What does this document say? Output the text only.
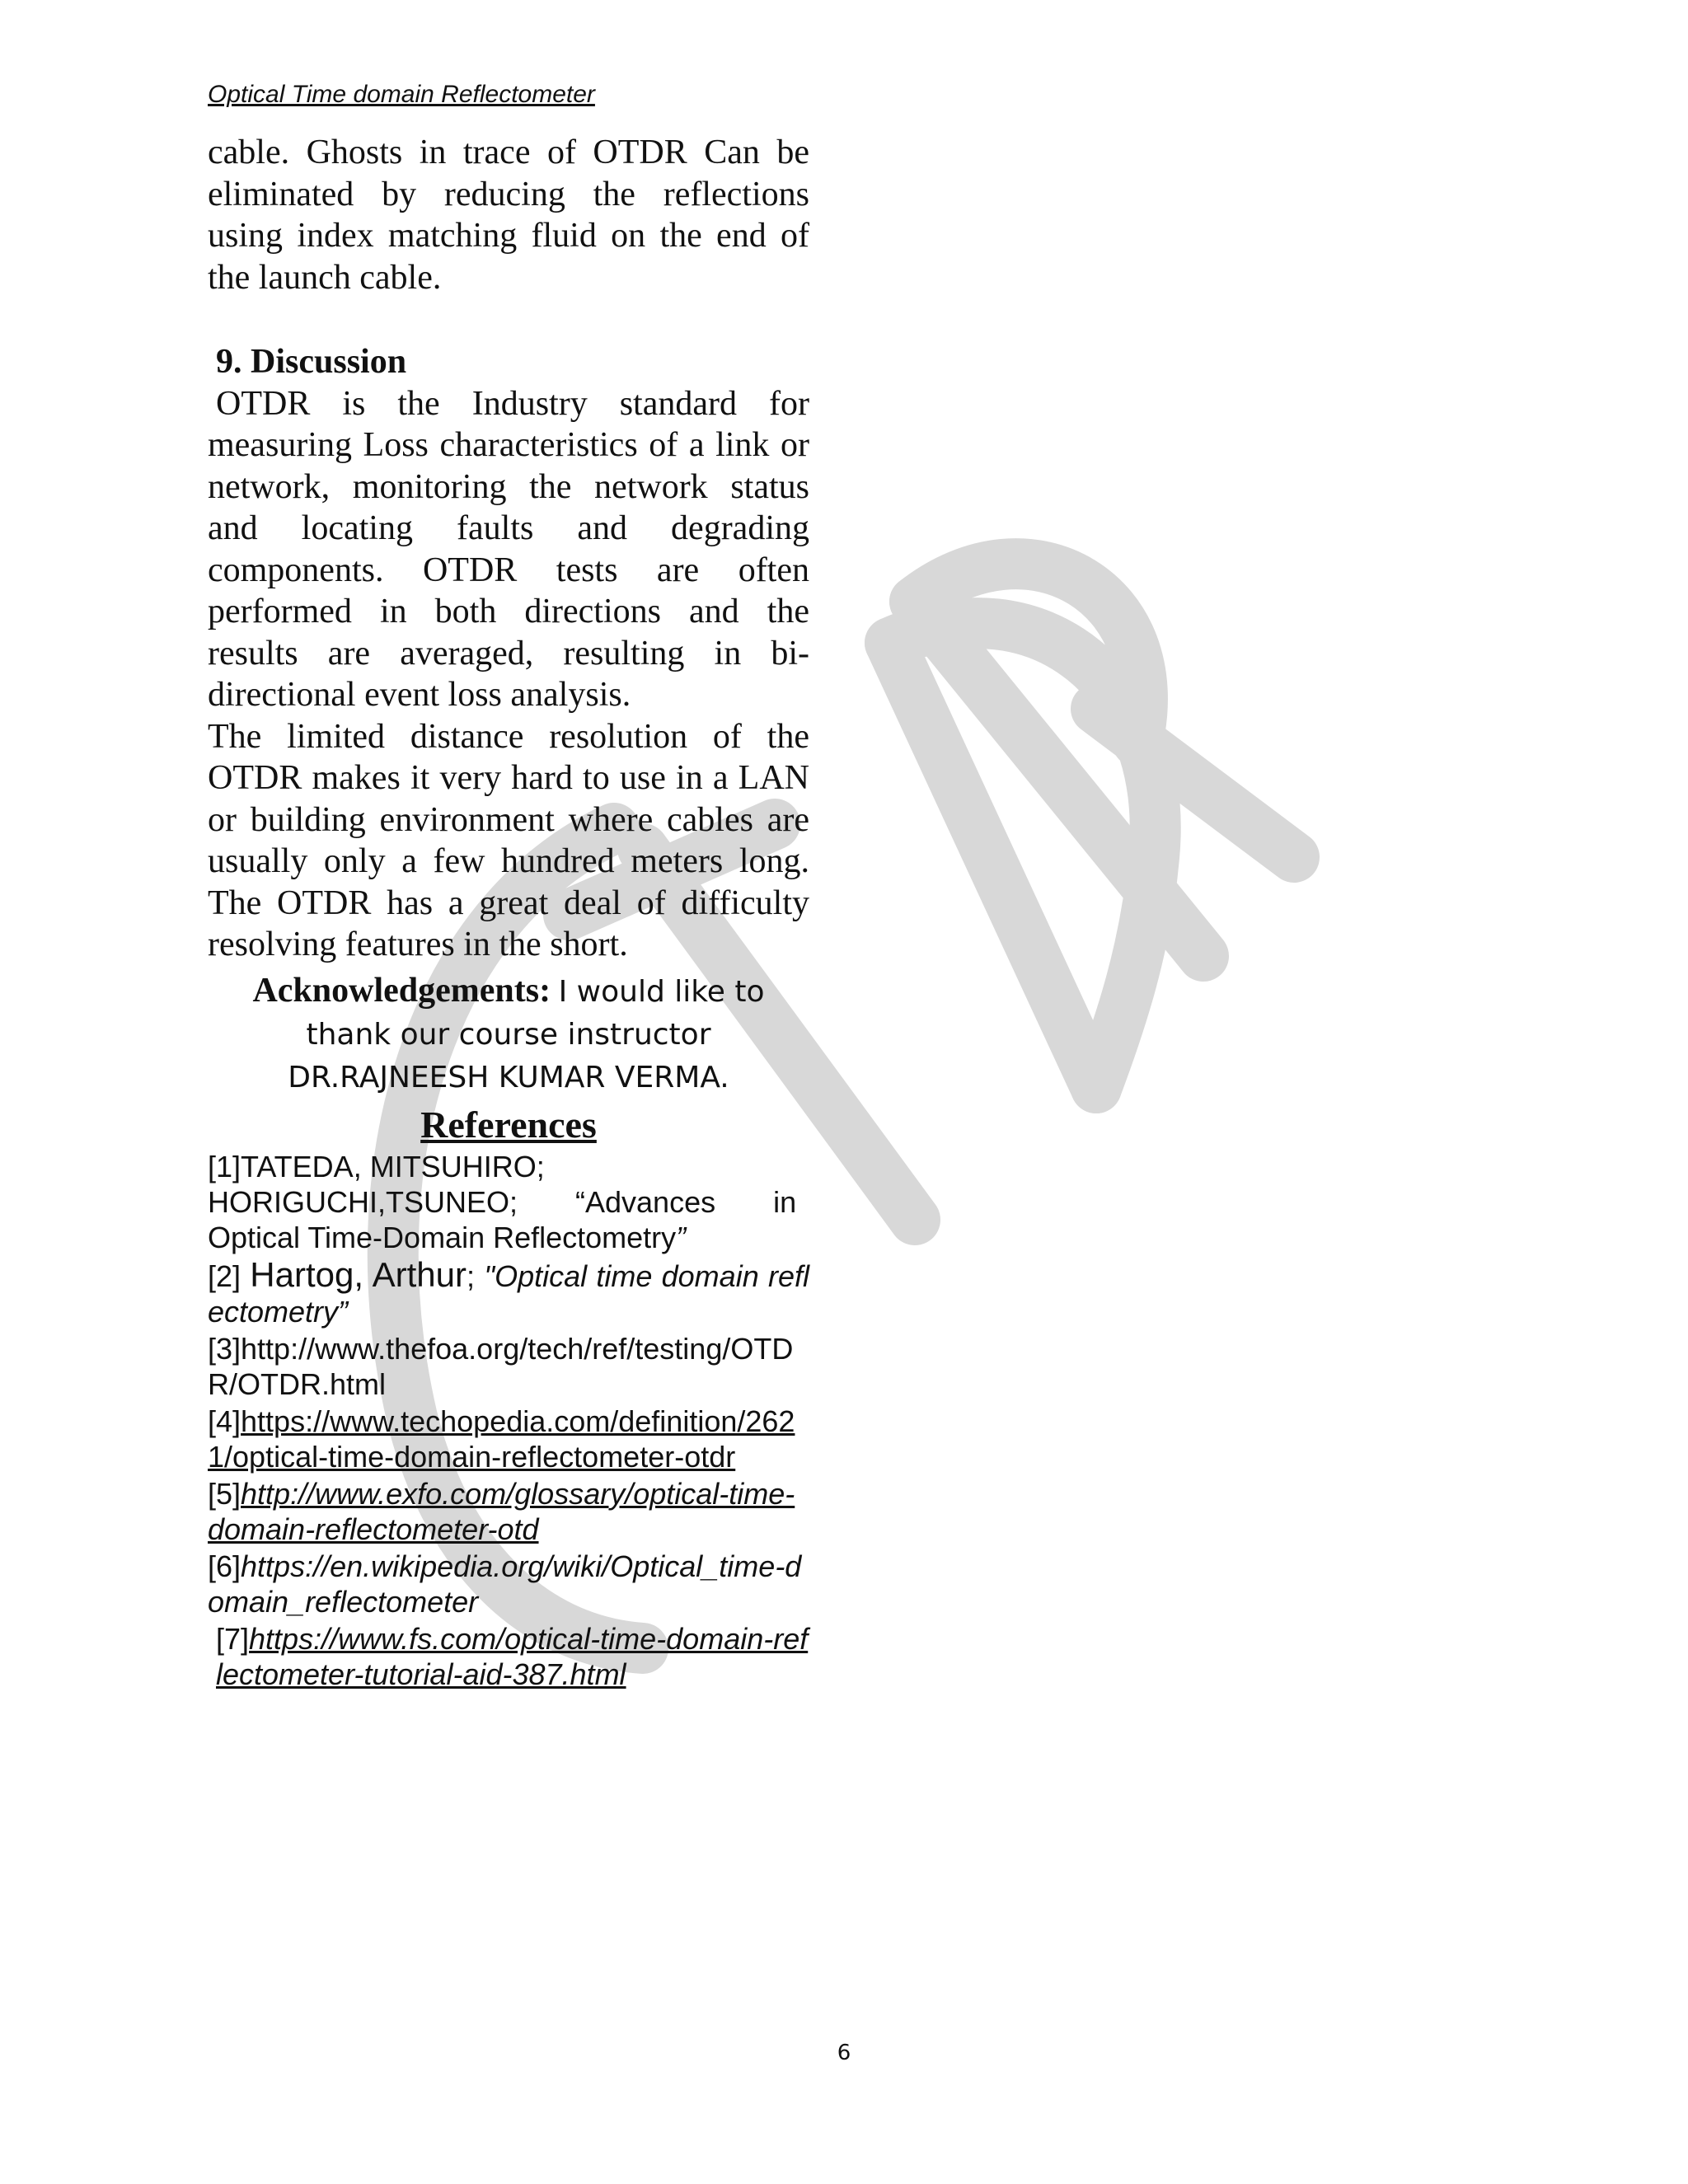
Optical Time domain Reflectometer

cable. Ghosts in trace of OTDR Can be eliminated by reducing the reflections using index matching fluid on the end of the launch cable.

9. Discussion

OTDR is the Industry standard for measuring Loss characteristics of a link or network, monitoring the network status and locating faults and degrading components. OTDR tests are often performed in both directions and the results are averaged, resulting in bi-directional event loss analysis.

The limited distance resolution of the OTDR makes it very hard to use in a LAN or building environment where cables are usually only a few hundred meters long. The OTDR has a great deal of difficulty resolving features in the short.

Acknowledgements: I would like to
thank our course instructor
DR.RAJNEESH KUMAR VERMA.
References
[1]TATEDA, MITSUHIRO;
HORIGUCHI,TSUNEO; “Advances in
Optical Time-Domain Reflectometry”
[2] Hartog, Arthur; "Optical time domain reflectometry”
[3]http://www.thefoa.org/tech/ref/testing/OTDR/OTDR.html
[4]https://www.techopedia.com/definition/2621/optical-time-domain-reflectometer-otdr
[5]http://www.exfo.com/glossary/optical-time-domain-reflectometer-otd
[6]https://en.wikipedia.org/wiki/Optical_time-domain_reflectometer
[7]https://www.fs.com/optical-time-domain-reflectometer-tutorial-aid-387.html
6
